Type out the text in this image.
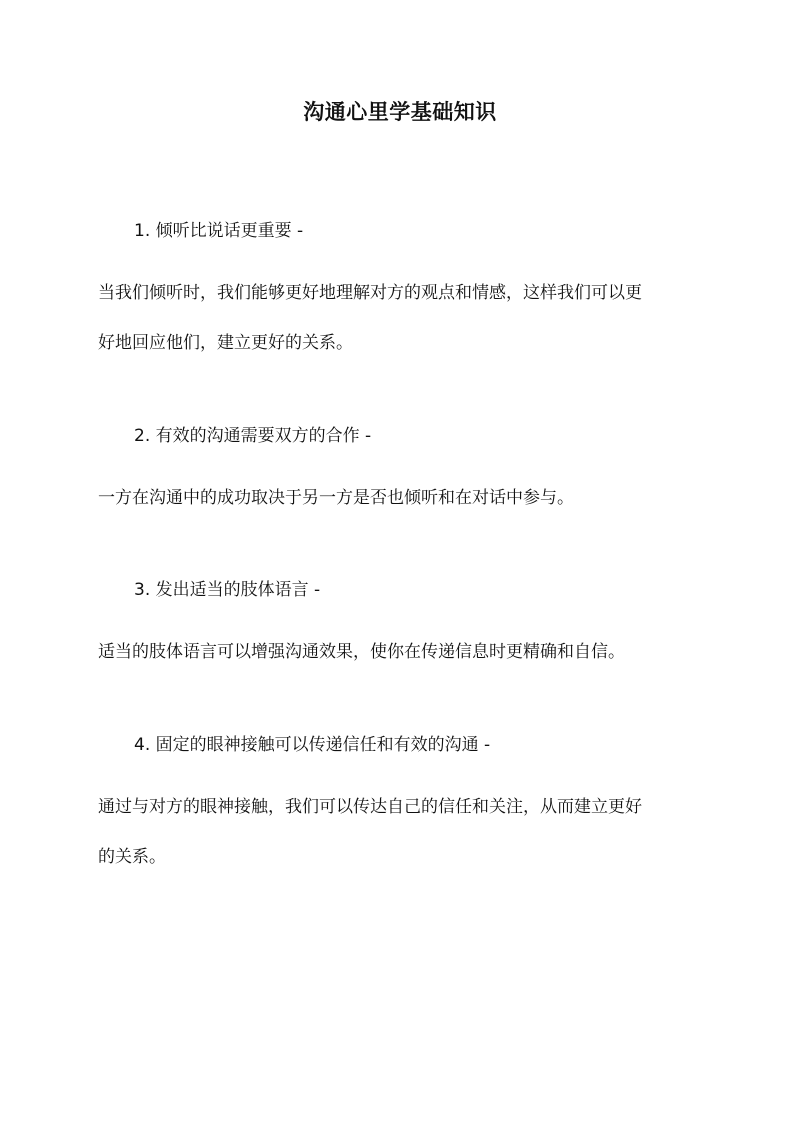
沟通心里学基础知识
1. 倾听比说话更重要 -
当我们倾听时，我们能够更好地理解对方的观点和情感，这样我们可以更
好地回应他们，建立更好的关系。
2. 有效的沟通需要双方的合作 -
一方在沟通中的成功取决于另一方是否也倾听和在对话中参与。
3. 发出适当的肢体语言 -
适当的肢体语言可以增强沟通效果，使你在传递信息时更精确和自信。
4. 固定的眼神接触可以传递信任和有效的沟通 -
通过与对方的眼神接触，我们可以传达自己的信任和关注，从而建立更好
的关系。
